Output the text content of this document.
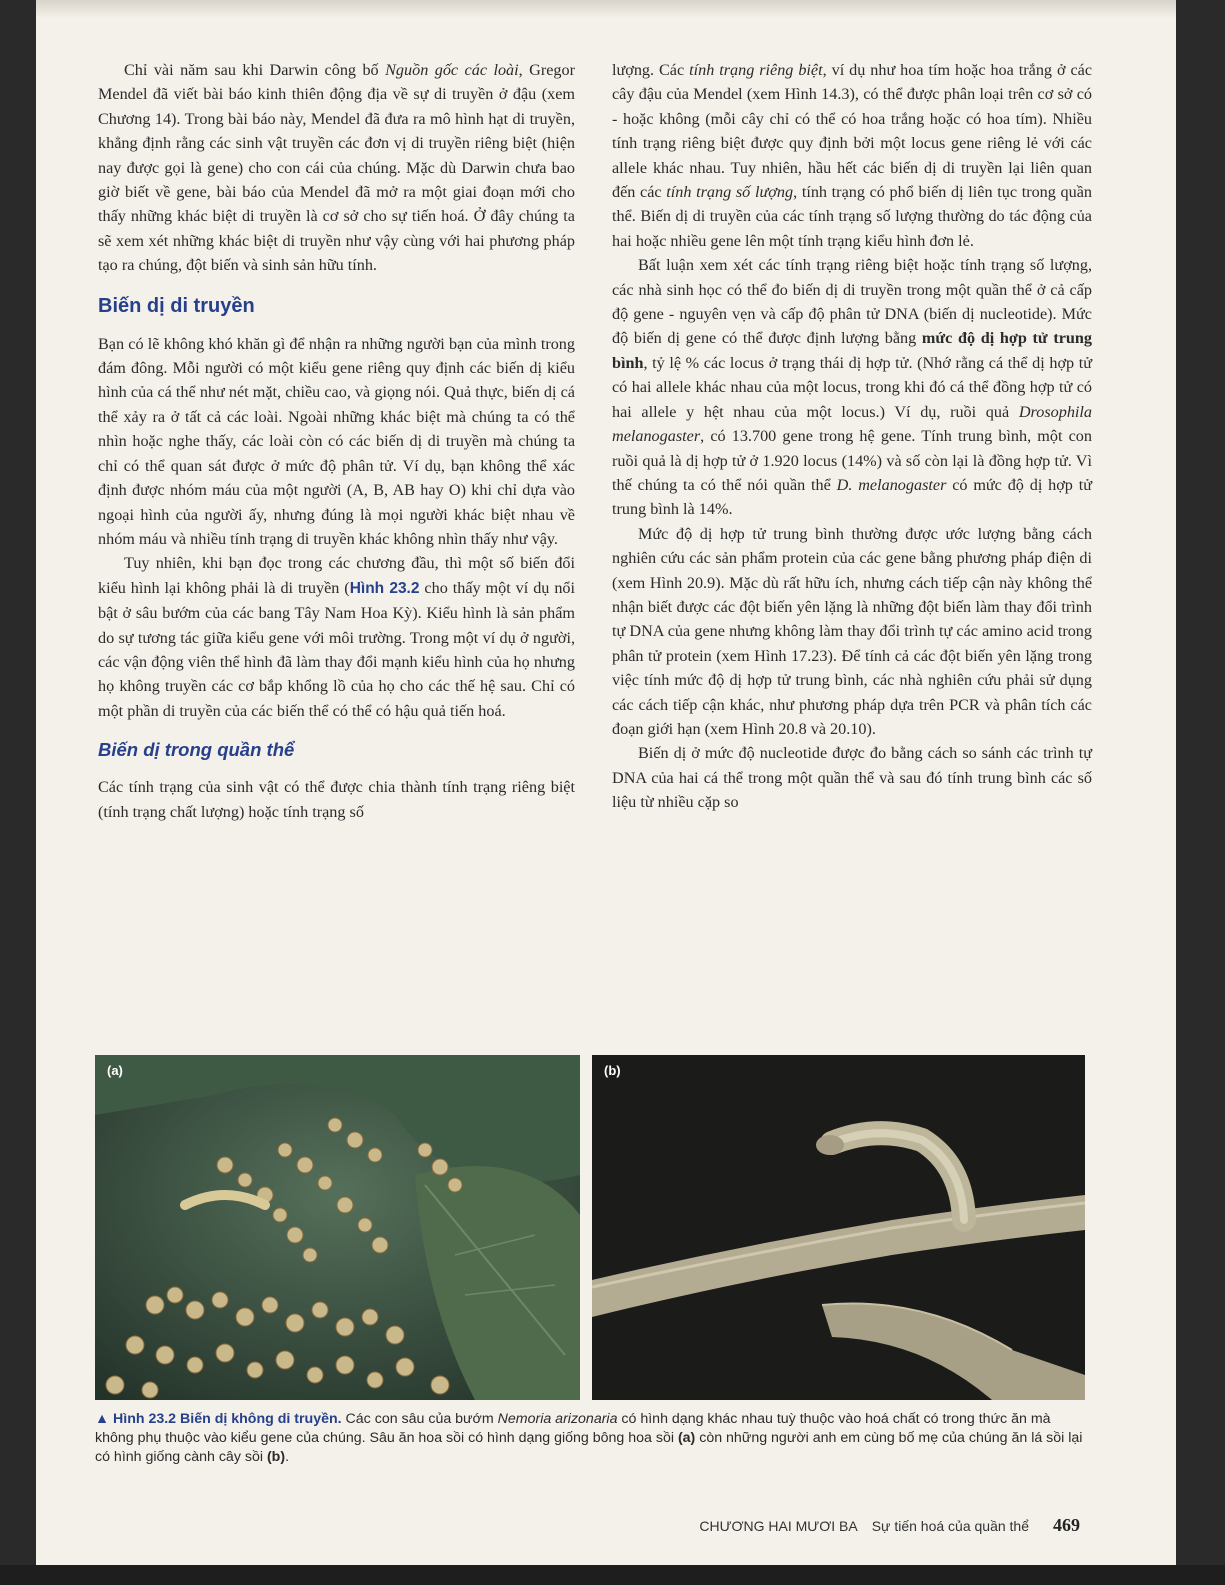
Chỉ vài năm sau khi Darwin công bố Nguồn gốc các loài, Gregor Mendel đã viết bài báo kinh thiên động địa về sự di truyền ở đậu (xem Chương 14). Trong bài báo này, Mendel đã đưa ra mô hình hạt di truyền, khẳng định rằng các sinh vật truyền các đơn vị di truyền riêng biệt (hiện nay được gọi là gene) cho con cái của chúng. Mặc dù Darwin chưa bao giờ biết về gene, bài báo của Mendel đã mở ra một giai đoạn mới cho thấy những khác biệt di truyền là cơ sở cho sự tiến hoá. Ở đây chúng ta sẽ xem xét những khác biệt di truyền như vậy cùng với hai phương pháp tạo ra chúng, đột biến và sinh sản hữu tính.

Biến dị di truyền

Bạn có lẽ không khó khăn gì để nhận ra những người bạn của mình trong đám đông. Mỗi người có một kiểu gene riêng quy định các biến dị kiểu hình của cá thể như nét mặt, chiều cao, và giọng nói. Quả thực, biến dị cá thể xảy ra ở tất cả các loài. Ngoài những khác biệt mà chúng ta có thể nhìn hoặc nghe thấy, các loài còn có các biến dị di truyền mà chúng ta chỉ có thể quan sát được ở mức độ phân tử. Ví dụ, bạn không thể xác định được nhóm máu của một người (A, B, AB hay O) khi chỉ dựa vào ngoại hình của người ấy, nhưng đúng là mọi người khác biệt nhau về nhóm máu và nhiều tính trạng di truyền khác không nhìn thấy như vậy.

Tuy nhiên, khi bạn đọc trong các chương đầu, thì một số biến đổi kiểu hình lại không phải là di truyền (Hình 23.2 cho thấy một ví dụ nổi bật ở sâu bướm của các bang Tây Nam Hoa Kỳ). Kiểu hình là sản phẩm do sự tương tác giữa kiểu gene với môi trường. Trong một ví dụ ở người, các vận động viên thể hình đã làm thay đổi mạnh kiểu hình của họ nhưng họ không truyền các cơ bắp khổng lồ của họ cho các thế hệ sau. Chỉ có một phần di truyền của các biến thể có thể có hậu quả tiến hoá.

Biến dị trong quần thể

Các tính trạng của sinh vật có thể được chia thành tính trạng riêng biệt (tính trạng chất lượng) hoặc tính trạng số

lượng. Các tính trạng riêng biệt, ví dụ như hoa tím hoặc hoa trắng ở các cây đậu của Mendel (xem Hình 14.3), có thể được phân loại trên cơ sở có - hoặc không (mỗi cây chỉ có thể có hoa trắng hoặc có hoa tím). Nhiều tính trạng riêng biệt được quy định bởi một locus gene riêng lẻ với các allele khác nhau. Tuy nhiên, hầu hết các biến dị di truyền lại liên quan đến các tính trạng số lượng, tính trạng có phổ biến dị liên tục trong quần thể. Biến dị di truyền của các tính trạng số lượng thường do tác động của hai hoặc nhiều gene lên một tính trạng kiểu hình đơn lẻ.

Bất luận xem xét các tính trạng riêng biệt hoặc tính trạng số lượng, các nhà sinh học có thể đo biến dị di truyền trong một quần thể ở cả cấp độ gene - nguyên vẹn và cấp độ phân tử DNA (biến dị nucleotide). Mức độ biến dị gene có thể được định lượng bằng mức độ dị hợp tử trung bình, tỷ lệ % các locus ở trạng thái dị hợp tử. (Nhớ rằng cá thể dị hợp tử có hai allele khác nhau của một locus, trong khi đó cá thể đồng hợp tử có hai allele y hệt nhau của một locus.) Ví dụ, ruồi quả Drosophila melanogaster, có 13.700 gene trong hệ gene. Tính trung bình, một con ruồi quả là dị hợp tử ở 1.920 locus (14%) và số còn lại là đồng hợp tử. Vì thế chúng ta có thể nói quần thể D. melanogaster có mức độ dị hợp tử trung bình là 14%.

Mức độ dị hợp tử trung bình thường được ước lượng bằng cách nghiên cứu các sản phẩm protein của các gene bằng phương pháp điện di (xem Hình 20.9). Mặc dù rất hữu ích, nhưng cách tiếp cận này không thể nhận biết được các đột biến yên lặng là những đột biến làm thay đổi trình tự DNA của gene nhưng không làm thay đổi trình tự các amino acid trong phân tử protein (xem Hình 17.23). Để tính cả các đột biến yên lặng trong việc tính mức độ dị hợp tử trung bình, các nhà nghiên cứu phải sử dụng các cách tiếp cận khác, như phương pháp dựa trên PCR và phân tích các đoạn giới hạn (xem Hình 20.8 và 20.10).

Biến dị ở mức độ nucleotide được đo bằng cách so sánh các trình tự DNA của hai cá thể trong một quần thể và sau đó tính trung bình các số liệu từ nhiều cặp so

(a)	(b)
▲ Hình 23.2 Biến dị không di truyền. Các con sâu của bướm Nemoria arizonaria có hình dạng khác nhau tuỳ thuộc vào hoá chất có trong thức ăn mà không phụ thuộc vào kiểu gene của chúng. Sâu ăn hoa sồi có hình dạng giống bông hoa sồi (a) còn những người anh em cùng bố mẹ của chúng ăn lá sồi lại có hình giống cành cây sồi (b).
CHƯƠNG HAI MƯƠI BA Sự tiến hoá của quần thể 469
